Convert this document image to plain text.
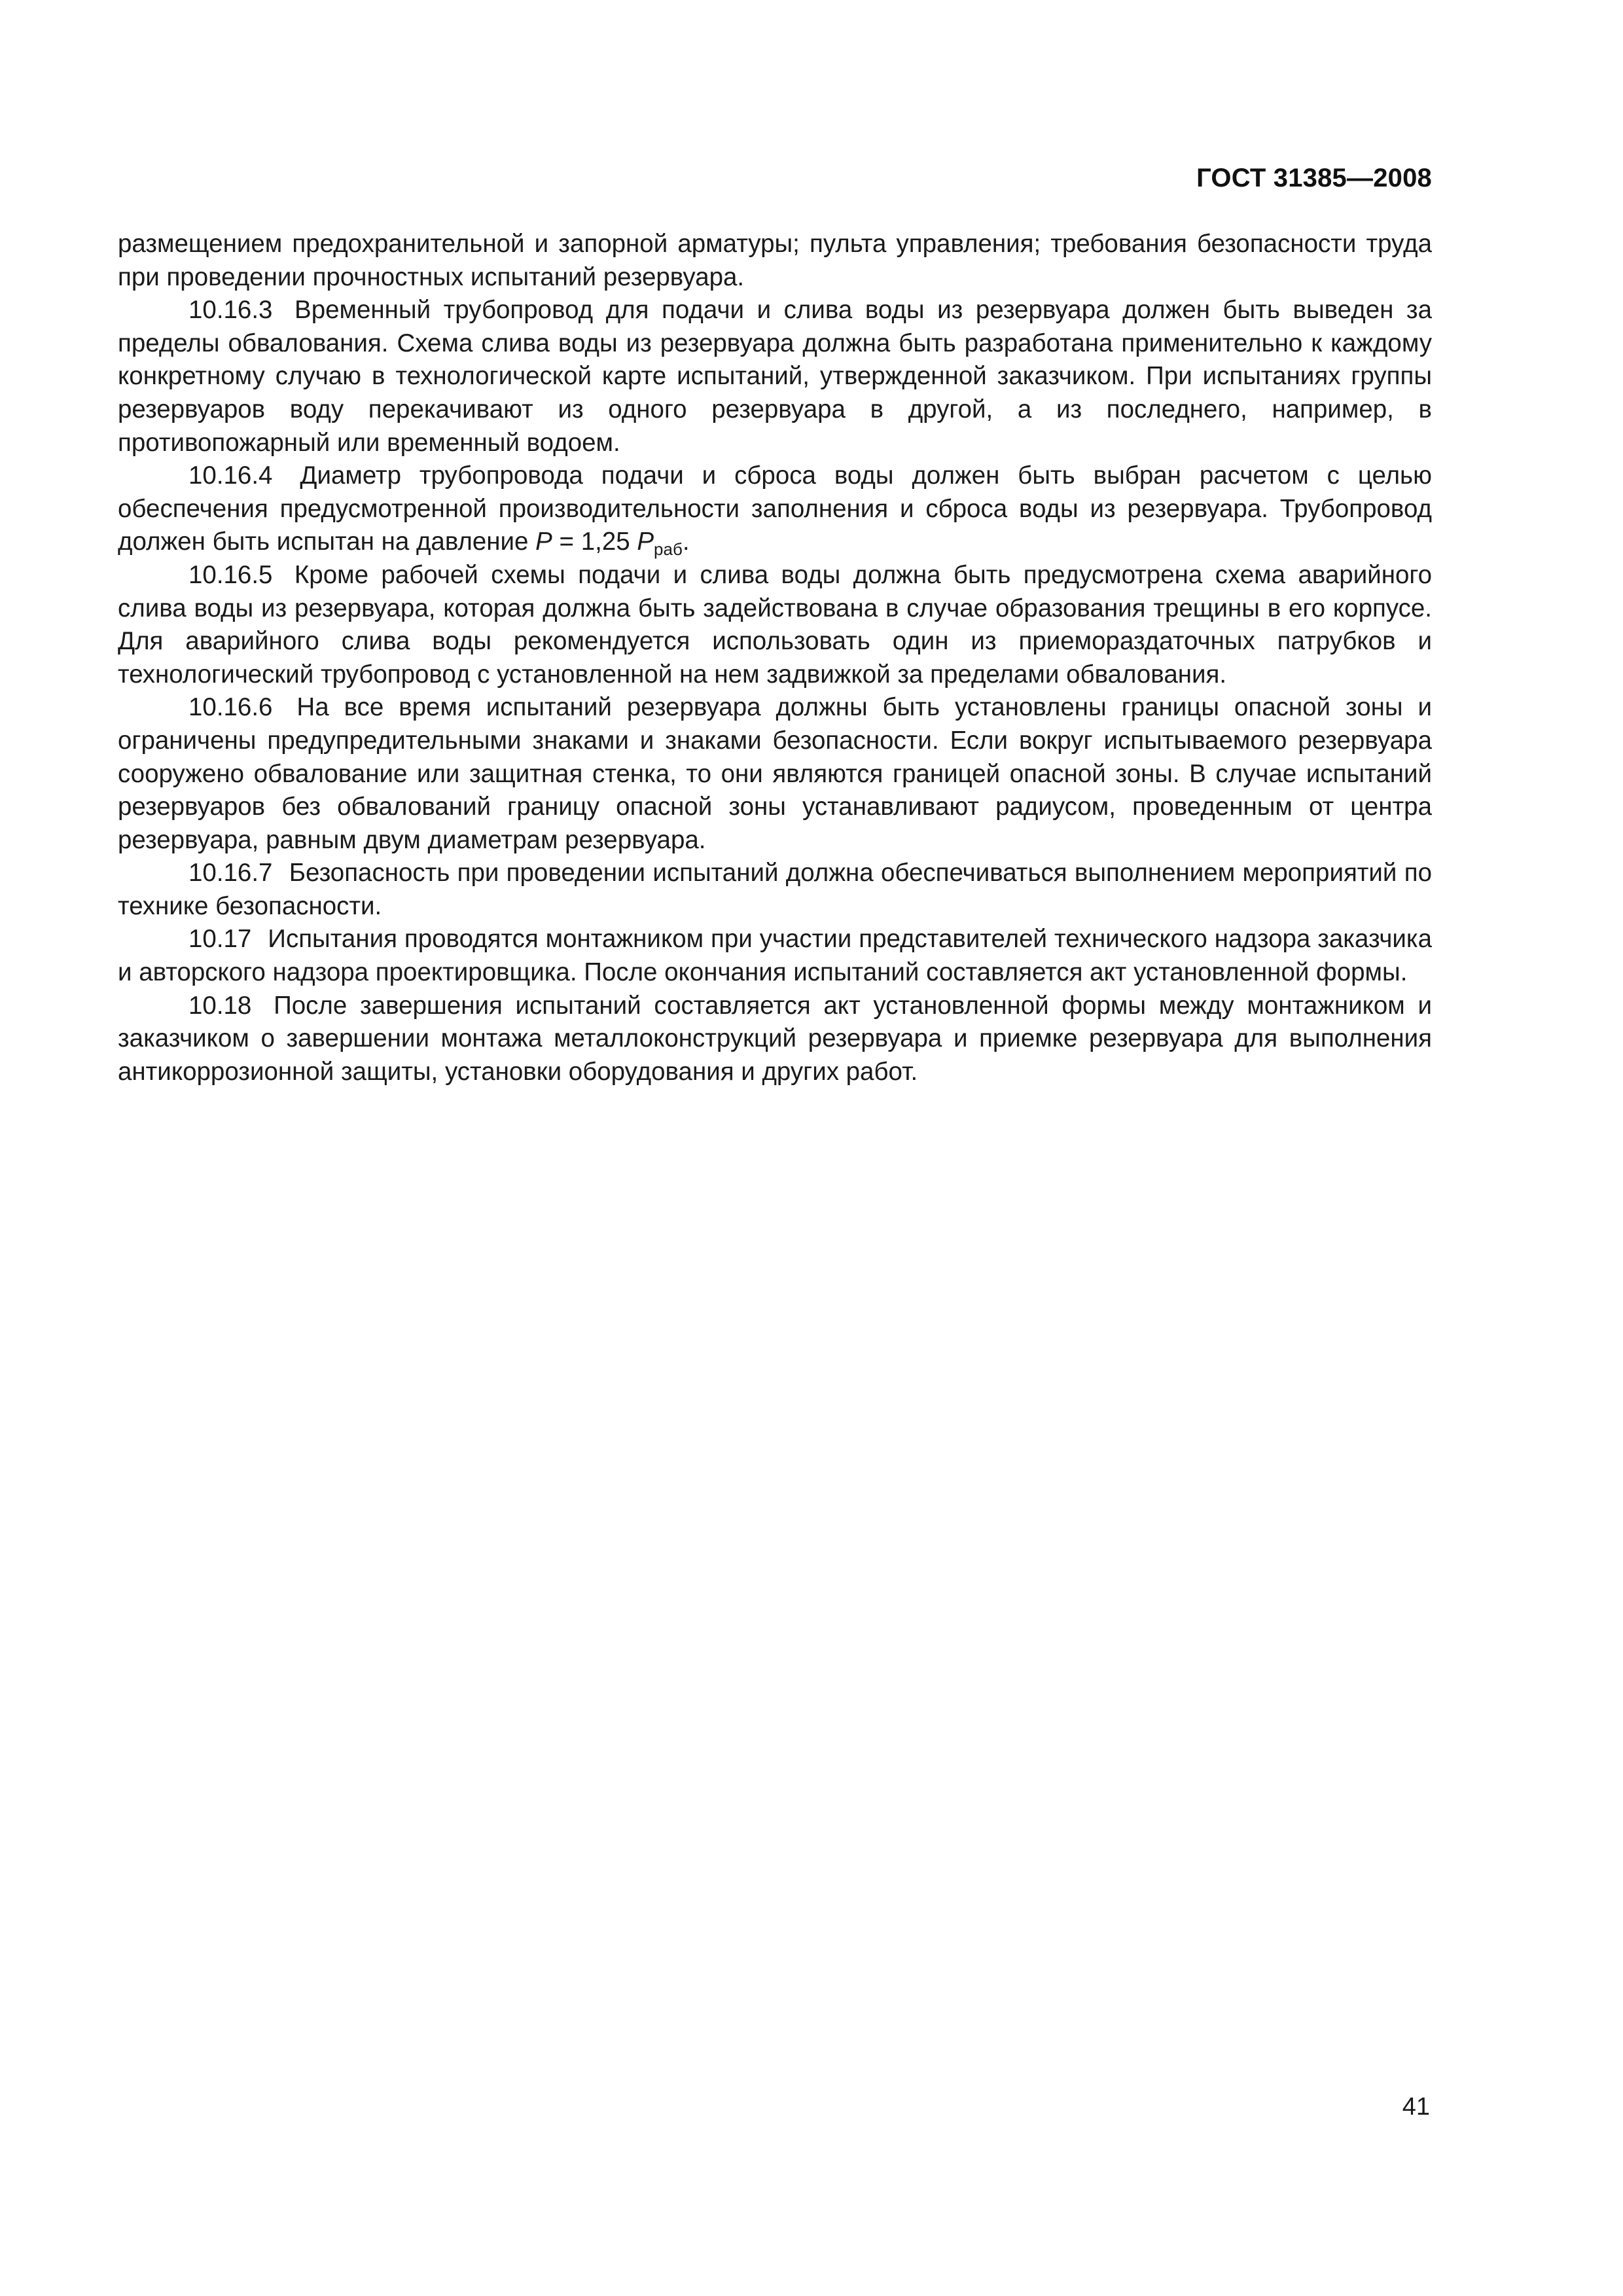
ГОСТ 31385—2008

размещением предохранительной и запорной арматуры; пульта управления; требования безопасности труда при проведении прочностных испытаний резервуара.

10.16.3 Временный трубопровод для подачи и слива воды из резервуара должен быть выведен за пределы обвалования. Схема слива воды из резервуара должна быть разработана применительно к каждому конкретному случаю в технологической карте испытаний, утвержденной заказчиком. При испытаниях группы резервуаров воду перекачивают из одного резервуара в другой, а из последнего, например, в противопожарный или временный водоем.

10.16.4 Диаметр трубопровода подачи и сброса воды должен быть выбран расчетом с целью обеспечения предусмотренной производительности заполнения и сброса воды из резервуара. Трубопровод должен быть испытан на давление P = 1,25 $P_{раб}$.

10.16.5 Кроме рабочей схемы подачи и слива воды должна быть предусмотрена схема аварийного слива воды из резервуара, которая должна быть задействована в случае образования трещины в его корпусе. Для аварийного слива воды рекомендуется использовать один из приемораздаточных патрубков и технологический трубопровод с установленной на нем задвижкой за пределами обвалования.

10.16.6 На все время испытаний резервуара должны быть установлены границы опасной зоны и ограничены предупредительными знаками и знаками безопасности. Если вокруг испытываемого резервуара сооружено обвалование или защитная стенка, то они являются границей опасной зоны. В случае испытаний резервуаров без обвалований границу опасной зоны устанавливают радиусом, проведенным от центра резервуара, равным двум диаметрам резервуара.

10.16.7 Безопасность при проведении испытаний должна обеспечиваться выполнением мероприятий по технике безопасности.

10.17 Испытания проводятся монтажником при участии представителей технического надзора заказчика и авторского надзора проектировщика. После окончания испытаний составляется акт установленной формы.

10.18 После завершения испытаний составляется акт установленной формы между монтажником и заказчиком о завершении монтажа металлоконструкций резервуара и приемке резервуара для выполнения антикоррозионной защиты, установки оборудования и других работ.

41
